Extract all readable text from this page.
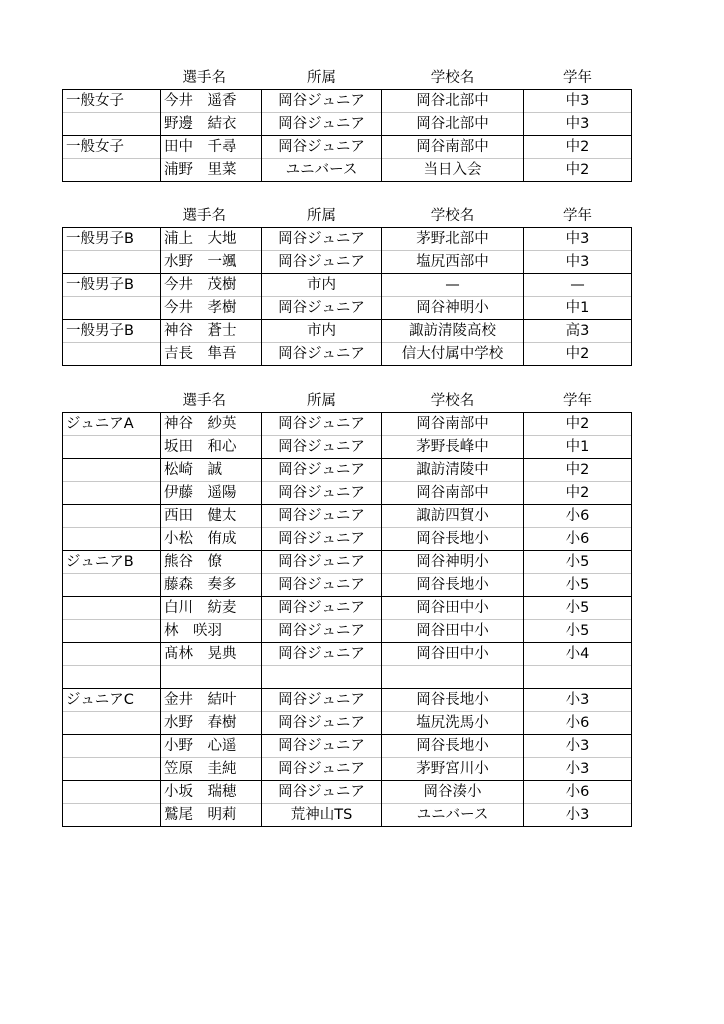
	選手名	所属	学校名	学年
一般女子	今井　遥香	岡谷ジュニア	岡谷北部中	中3
	野邊　結衣	岡谷ジュニア	岡谷北部中	中3
一般女子	田中　千尋	岡谷ジュニア	岡谷南部中	中2
	浦野　里菜	ユニバース	当日入会	中2
	選手名	所属	学校名	学年
一般男子B	浦上　大地	岡谷ジュニア	茅野北部中	中3
	水野　一颯	岡谷ジュニア	塩尻西部中	中3
一般男子B	今井　茂樹	市内	—	—
	今井　孝樹	岡谷ジュニア	岡谷神明小	中1
一般男子B	神谷　蒼士	市内	諏訪清陵高校	高3
	吉長　隼吾	岡谷ジュニア	信大付属中学校	中2
	選手名	所属	学校名	学年
ジュニアA	神谷　紗英	岡谷ジュニア	岡谷南部中	中2
	坂田　和心	岡谷ジュニア	茅野長峰中	中1
	松崎　誠	岡谷ジュニア	諏訪清陵中	中2
	伊藤　遥陽	岡谷ジュニア	岡谷南部中	中2
	西田　健太	岡谷ジュニア	諏訪四賀小	小6
	小松　侑成	岡谷ジュニア	岡谷長地小	小6
ジュニアB	熊谷　僚	岡谷ジュニア	岡谷神明小	小5
	藤森　奏多	岡谷ジュニア	岡谷長地小	小5
	白川　紡麦	岡谷ジュニア	岡谷田中小	小5
	林　咲羽	岡谷ジュニア	岡谷田中小	小5
	髙林　晃典	岡谷ジュニア	岡谷田中小	小4

ジュニアC	金井　結叶	岡谷ジュニア	岡谷長地小	小3
	水野　春樹	岡谷ジュニア	塩尻洗馬小	小6
	小野　心遥	岡谷ジュニア	岡谷長地小	小3
	笠原　圭純	岡谷ジュニア	茅野宮川小	小3
	小坂　瑞穂	岡谷ジュニア	岡谷湊小	小6
	鷲尾　明莉	荒神山TS	ユニバース	小3
